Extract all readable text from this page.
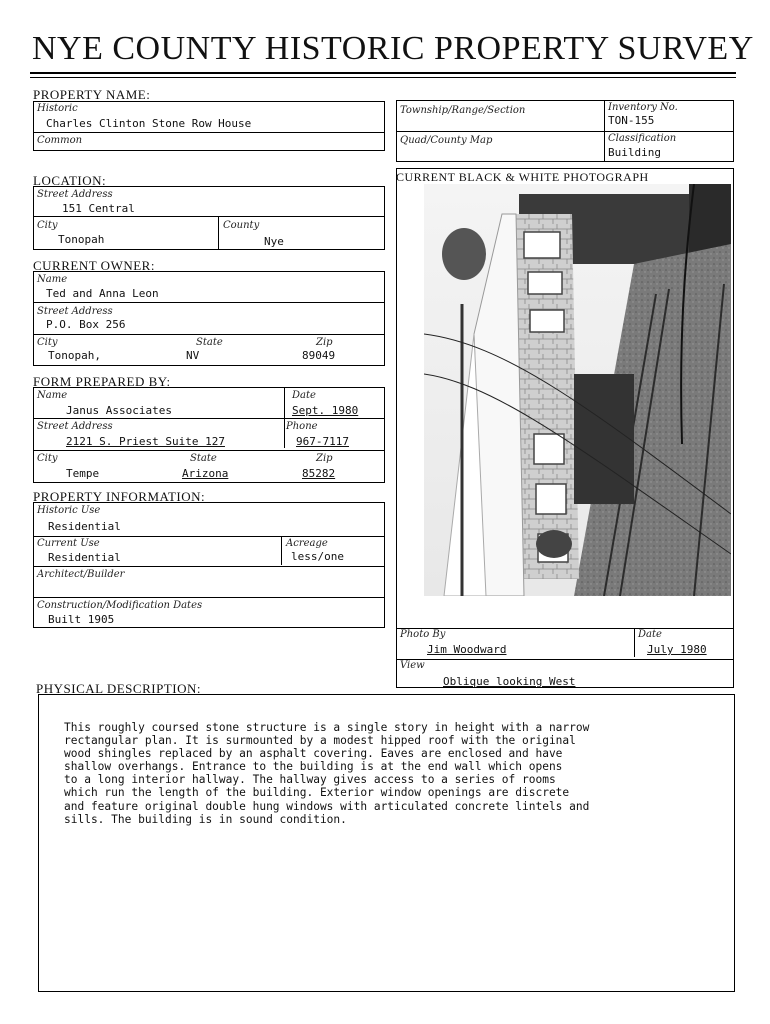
NYE COUNTY HISTORIC PROPERTY SURVEY
PROPERTY NAME:
Historic
Charles Clinton Stone Row House
Common
LOCATION:
Street Address
151 Central
City
Tonopah
County
Nye
CURRENT OWNER:
Name
Ted and Anna Leon
Street Address
P.O. Box 256
City
Tonopah,
State
NV
Zip
89049
FORM PREPARED BY:
Name
Janus Associates
Date
Sept. 1980
Street Address
2121 S. Priest Suite 127
Phone
967-7117
City
Tempe
State
Arizona
Zip
85282
PROPERTY INFORMATION:
Historic Use
Residential
Current Use
Residential
Acreage
less/one
Architect/Builder
Construction/Modification Dates
Built 1905
Township/Range/Section	Inventory No.
TON-155
Quad/County Map	Classification
Building
CURRENT BLACK & WHITE PHOTOGRAPH
Photo By
Jim Woodward
Date
July 1980
View
Oblique looking West
PHYSICAL DESCRIPTION:

This roughly coursed stone structure is a single story in height with a narrow
rectangular plan. It is surmounted by a modest hipped roof with the original
wood shingles replaced by an asphalt covering. Eaves are enclosed and have
shallow overhangs. Entrance to the building is at the end wall which opens
to a long interior hallway. The hallway gives access to a series of rooms
which run the length of the building. Exterior window openings are discrete
and feature original double hung windows with articulated concrete lintels and
sills. The building is in sound condition.
